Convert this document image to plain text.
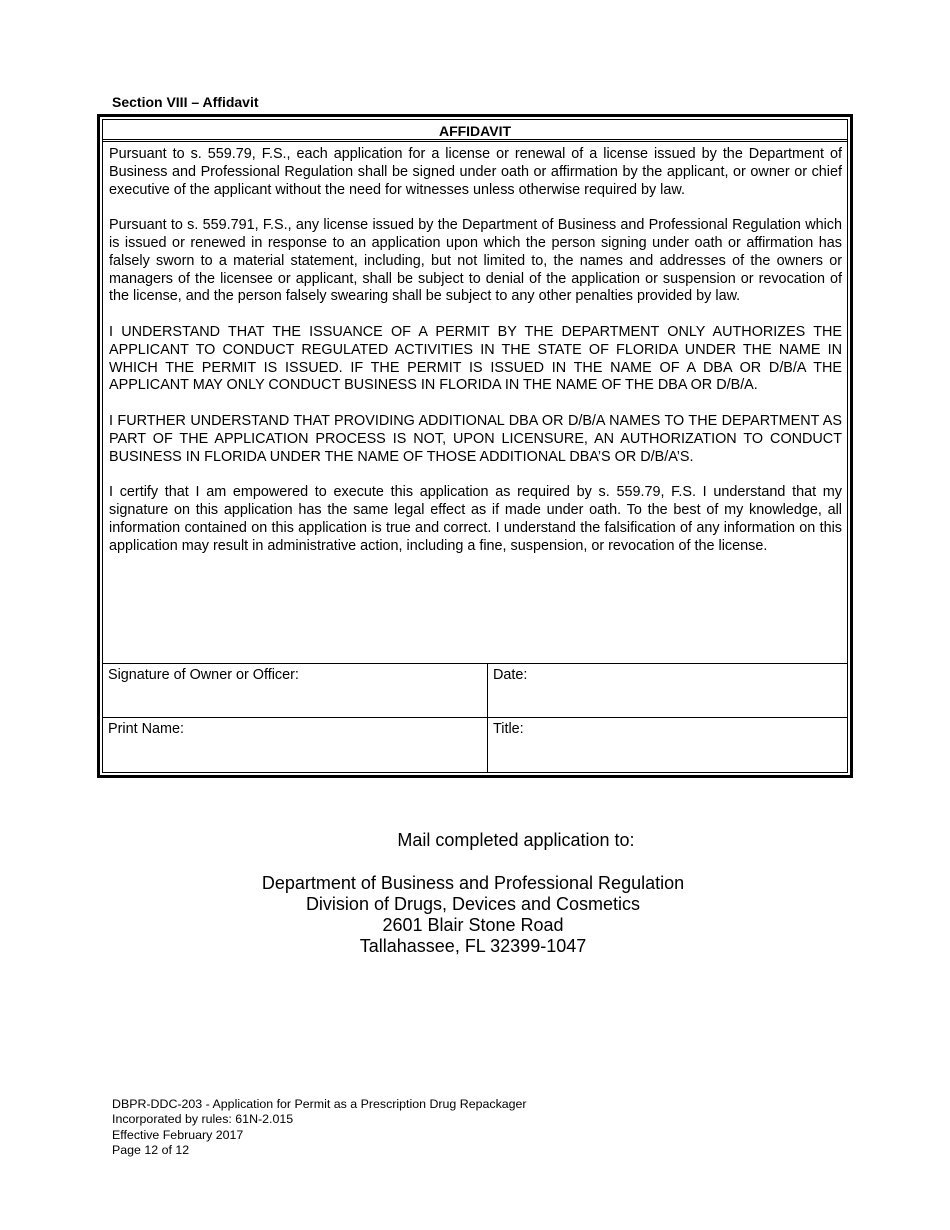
Section VIII – Affidavit
AFFIDAVIT

Pursuant to s. 559.79, F.S., each application for a license or renewal of a license issued by the Department of Business and Professional Regulation shall be signed under oath or affirmation by the applicant, or owner or chief executive of the applicant without the need for witnesses unless otherwise required by law.

Pursuant to s. 559.791, F.S., any license issued by the Department of Business and Professional Regulation which is issued or renewed in response to an application upon which the person signing under oath or affirmation has falsely sworn to a material statement, including, but not limited to, the names and addresses of the owners or managers of the licensee or applicant, shall be subject to denial of the application or suspension or revocation of the license, and the person falsely swearing shall be subject to any other penalties provided by law.

I UNDERSTAND THAT THE ISSUANCE OF A PERMIT BY THE DEPARTMENT ONLY AUTHORIZES THE APPLICANT TO CONDUCT REGULATED ACTIVITIES IN THE STATE OF FLORIDA UNDER THE NAME IN WHICH THE PERMIT IS ISSUED. IF THE PERMIT IS ISSUED IN THE NAME OF A DBA OR D/B/A THE APPLICANT MAY ONLY CONDUCT BUSINESS IN FLORIDA IN THE NAME OF THE DBA OR D/B/A.

I FURTHER UNDERSTAND THAT PROVIDING ADDITIONAL DBA OR D/B/A NAMES TO THE DEPARTMENT AS PART OF THE APPLICATION PROCESS IS NOT, UPON LICENSURE, AN AUTHORIZATION TO CONDUCT BUSINESS IN FLORIDA UNDER THE NAME OF THOSE ADDITIONAL DBA’S OR D/B/A’S.

I certify that I am empowered to execute this application as required by s. 559.79, F.S. I understand that my signature on this application has the same legal effect as if made under oath. To the best of my knowledge, all information contained on this application is true and correct. I understand the falsification of any information on this application may result in administrative action, including a fine, suspension, or revocation of the license.

Signature of Owner or Officer:	Date:
Print Name:	Title:
Mail completed application to:
Department of Business and Professional Regulation
Division of Drugs, Devices and Cosmetics
2601 Blair Stone Road
Tallahassee, FL 32399-1047
DBPR-DDC-203 - Application for Permit as a Prescription Drug Repackager
Incorporated by rules: 61N-2.015
Effective February 2017
Page 12 of 12
